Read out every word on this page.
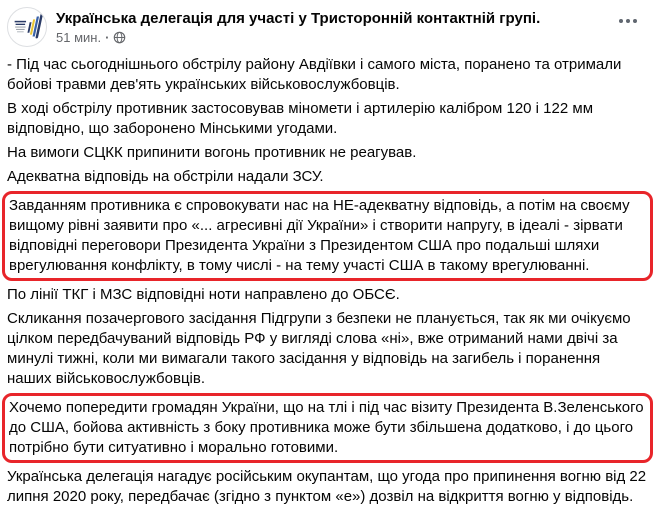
Українська делегація для участі у Тристоронній контактній групі.
51 мин. ·

- Під час сьогоднішнього обстрілу району Авдіївки і самого міста, поранено та отримали бойові травми дев'ять українських військовослужбовців.

В ході обстрілу противник застосовував міномети і артилерію калібром 120 і 122 мм відповідно, що заборонено Мінськими угодами.

На вимоги СЦКК припинити вогонь противник не реагував.

Адекватна відповідь на обстріли надали ЗСУ.

Завданням противника є спровокувати нас на НЕ-адекватну відповідь, а потім на своєму вищому рівні заявити про «... агресивні дії України» і створити напругу, в ідеалі - зірвати відповідні переговори Президента України з Президентом США про подальші шляхи врегулювання конфлікту, в тому числі - на тему участі США в такому врегулюванні.

По лінії ТКГ і МЗС відповідні ноти направлено до ОБСЄ.

Скликання позачергового засідання Підгрупи з безпеки не планується, так як ми очікуємо цілком передбачуваний відповідь РФ у вигляді слова «ні», вже отриманий нами двічі за минулі тижні, коли ми вимагали такого засідання у відповідь на загибель і поранення наших військовослужбовців.

Хочемо попередити громадян України, що на тлі і під час візиту Президента В.Зеленського до США, бойова активність з боку противника може бути збільшена додатково, і до цього потрібно бути ситуативно і морально готовими.

Українська делегація нагадує російським окупантам, що угода про припинення вогню від 22 липня 2020 року, передбачає (згідно з пунктом «е») дозвіл на відкриття вогню у відповідь.
